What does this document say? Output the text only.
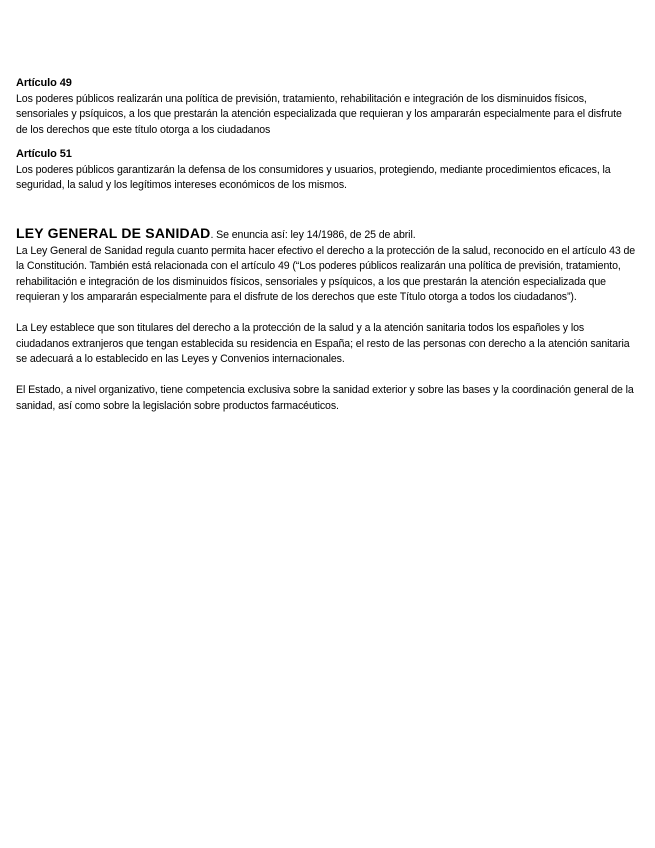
Artículo 49

Los poderes públicos realizarán una política de previsión, tratamiento, rehabilitación e integración de los disminuidos físicos, sensoriales y psíquicos, a los que prestarán la atención especializada que requieran y los ampararán especialmente para el disfrute de los derechos que este título otorga a los ciudadanos

Artículo 51

Los poderes públicos garantizarán la defensa de los consumidores y usuarios, protegiendo, mediante procedimientos eficaces, la seguridad, la salud y los legítimos intereses económicos de los mismos.

LEY GENERAL DE SANIDAD. Se enuncia así: ley 14/1986, de 25 de abril.

La Ley General de Sanidad regula cuanto permita hacer efectivo el derecho a la protección de la salud, reconocido en el artículo 43 de la Constitución. También está relacionada con el artículo 49 (“Los poderes públicos realizarán una política de previsión, tratamiento, rehabilitación e integración de los disminuidos físicos, sensoriales y psíquicos, a los que prestarán la atención especializada que requieran y los ampararán especialmente para el disfrute de los derechos que este Título otorga a todos los ciudadanos”).

La Ley establece que son titulares del derecho a la protección de la salud y a la atención sanitaria todos los españoles y los ciudadanos extranjeros que tengan establecida su residencia en España; el resto de las personas con derecho a la atención sanitaria se adecuará a lo establecido en las Leyes y Convenios internacionales.

El Estado, a nivel organizativo, tiene competencia exclusiva sobre la sanidad exterior y sobre las bases y la coordinación general de la sanidad, así como sobre la legislación sobre productos farmacéuticos.
